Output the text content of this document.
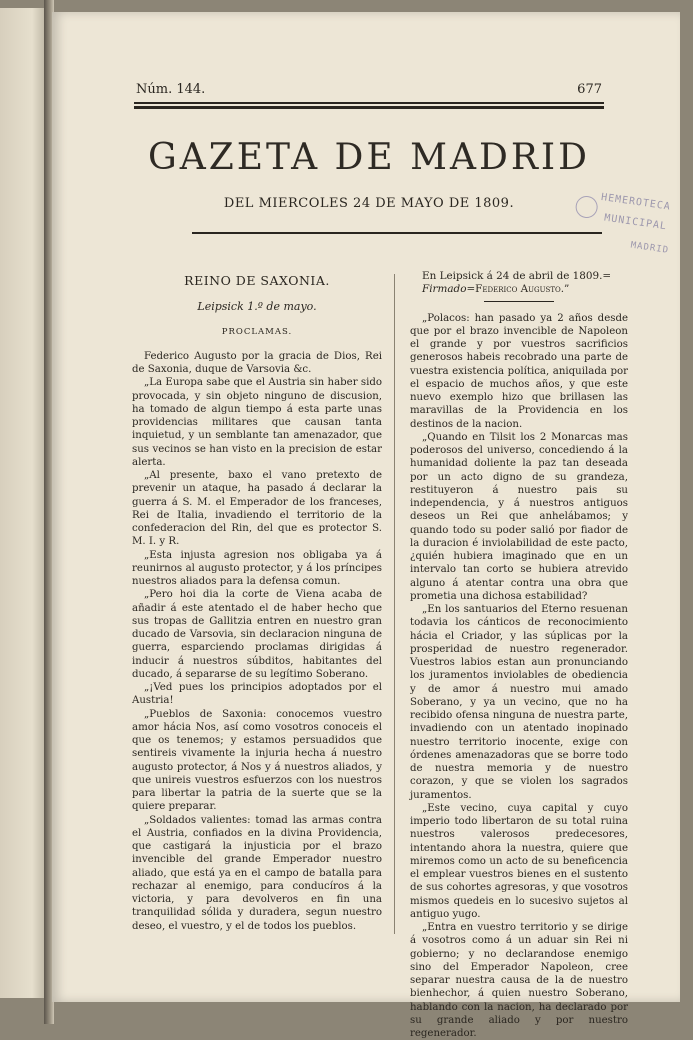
Núm. 144.	677
GAZETA DE MADRID
DEL MIERCOLES 24 DE MAYO DE 1809.	HEMEROTECA
MUNICIPAL
MADRID
REINO DE SAXONIA.
Leipsick 1.º de mayo.
PROCLAMAS.

Federico Augusto por la gracia de Dios, Rei de Saxonia, duque de Varsovia &c.

„La Europa sabe que el Austria sin haber sido provocada, y sin objeto ninguno de discusion, ha tomado de algun tiempo á esta parte unas providencias militares que causan tanta inquietud, y un semblante tan amenazador, que sus vecinos se han visto en la precision de estar alerta.

„Al presente, baxo el vano pretexto de prevenir un ataque, ha pasado á declarar la guerra á S. M. el Emperador de los franceses, Rei de Italia, invadiendo el territorio de la confederacion del Rin, del que es protector S. M. I. y R.

„Esta injusta agresion nos obligaba ya á reunirnos al augusto protector, y á los príncipes nuestros aliados para la defensa comun.

„Pero hoi dia la corte de Viena acaba de añadir á este atentado el de haber hecho que sus tropas de Gallitzia entren en nuestro gran ducado de Varsovia, sin declaracion ninguna de guerra, esparciendo proclamas dirigidas á inducir á nuestros súbditos, habitantes del ducado, á separarse de su legítimo Soberano.

„¡Ved pues los principios adoptados por el Austria!

„Pueblos de Saxonia: conocemos vuestro amor hácia Nos, así como vosotros conoceis el que os tenemos; y estamos persuadidos que sentireis vivamente la injuria hecha á nuestro augusto protector, á Nos y á nuestros aliados, y que unireis vuestros esfuerzos con los nuestros para libertar la patria de la suerte que se la quiere preparar.

„Soldados valientes: tomad las armas contra el Austria, confiados en la divina Providencia, que castigará la injusticia por el brazo invencible del grande Emperador nuestro aliado, que está ya en el campo de batalla para rechazar al enemigo, para conducíros á la victoria, y para devolveros en fin una tranquilidad sólida y duradera, segun nuestro deseo, el vuestro, y el de todos los pueblos.

En Leipsick á 24 de abril de 1809.=

Firmado=Federico Augusto.”

„Polacos: han pasado ya 2 años desde que por el brazo invencible de Napoleon el grande y por vuestros sacrificios generosos habeis recobrado una parte de vuestra existencia política, aniquilada por el espacio de muchos años, y que este nuevo exemplo hizo que brillasen las maravillas de la Providencia en los destinos de la nacion.

„Quando en Tilsit los 2 Monarcas mas poderosos del universo, concediendo á la humanidad doliente la paz tan deseada por un acto digno de su grandeza, restituyeron á nuestro pais su independencia, y á nuestros antiguos deseos un Rei que anhelábamos; y quando todo su poder salió por fiador de la duracion é inviolabilidad de este pacto, ¿quién hubiera imaginado que en un intervalo tan corto se hubiera atrevido alguno á atentar contra una obra que prometia una dichosa estabilidad?

„En los santuarios del Eterno resuenan todavia los cánticos de reconocimiento hácia el Criador, y las súplicas por la prosperidad de nuestro regenerador. Vuestros labios estan aun pronunciando los juramentos inviolables de obediencia y de amor á nuestro mui amado Soberano, y ya un vecino, que no ha recibido ofensa ninguna de nuestra parte, invadiendo con un atentado inopinado nuestro territorio inocente, exige con órdenes amenazadoras que se borre todo de nuestra memoria y de nuestro corazon, y que se violen los sagrados juramentos.

„Este vecino, cuya capital y cuyo imperio todo libertaron de su total ruina nuestros valerosos predecesores, intentando ahora la nuestra, quiere que miremos como un acto de su beneficencia el emplear vuestros bienes en el sustento de sus cohortes agresoras, y que vosotros mismos quedeis en lo sucesivo sujetos al antiguo yugo.

„Entra en vuestro territorio y se dirige á vosotros como á un aduar sin Rei ni gobierno; y no declarandose enemigo sino del Emperador Napoleon, cree separar nuestra causa de la de nuestro bienhechor, á quien nuestro Soberano, hablando con la nacion, ha declarado por su grande aliado y por nuestro regenerador.
